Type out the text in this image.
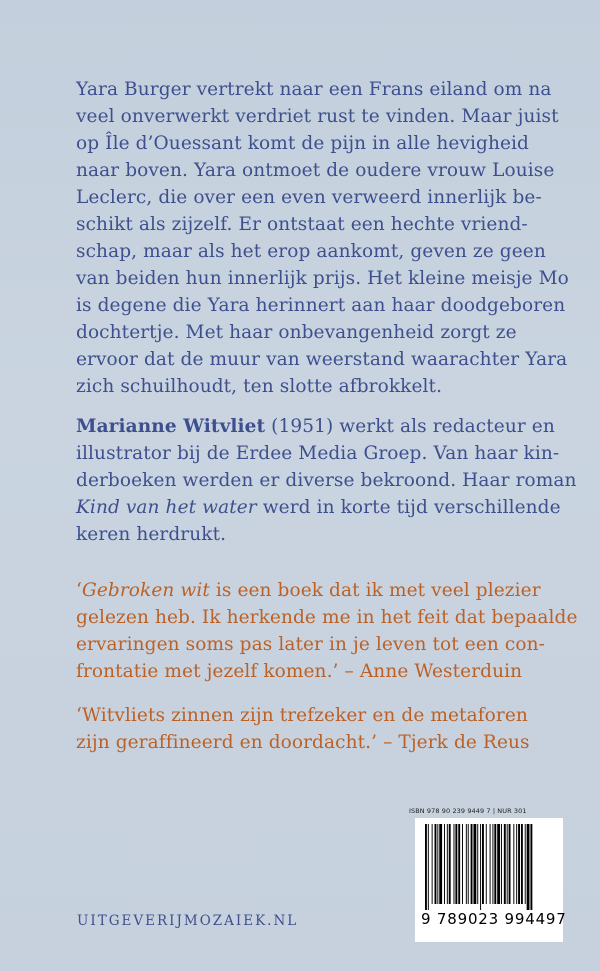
Yara Burger vertrekt naar een Frans eiland om na
veel onverwerkt verdriet rust te vinden. Maar juist
op Île d’Ouessant komt de pijn in alle hevigheid
naar boven. Yara ontmoet de oudere vrouw Louise
Leclerc, die over een even verweerd innerlijk be-
schikt als zijzelf. Er ontstaat een hechte vriend-
schap, maar als het erop aankomt, geven ze geen
van beiden hun innerlijk prijs. Het kleine meisje Mo
is degene die Yara herinnert aan haar doodgeboren
dochtertje. Met haar onbevangenheid zorgt ze
ervoor dat de muur van weerstand waarachter Yara
zich schuilhoudt, ten slotte afbrokkelt.
Marianne Witvliet (1951) werkt als redacteur en
illustrator bij de Erdee Media Groep. Van haar kin-
derboeken werden er diverse bekroond. Haar roman
Kind van het water werd in korte tijd verschillende
keren herdrukt.
‘Gebroken wit is een boek dat ik met veel plezier
gelezen heb. Ik herkende me in het feit dat bepaalde
ervaringen soms pas later in je leven tot een con-
frontatie met jezelf komen.’ – Anne Westerduin
‘Witvliets zinnen zijn trefzeker en de metaforen
zijn geraffineerd en doordacht.’ – Tjerk de Reus
ISBN 978 90 239 9449 7 | NUR 301
9 789023 994497
UITGEVERIJMOZAIEK.NL
